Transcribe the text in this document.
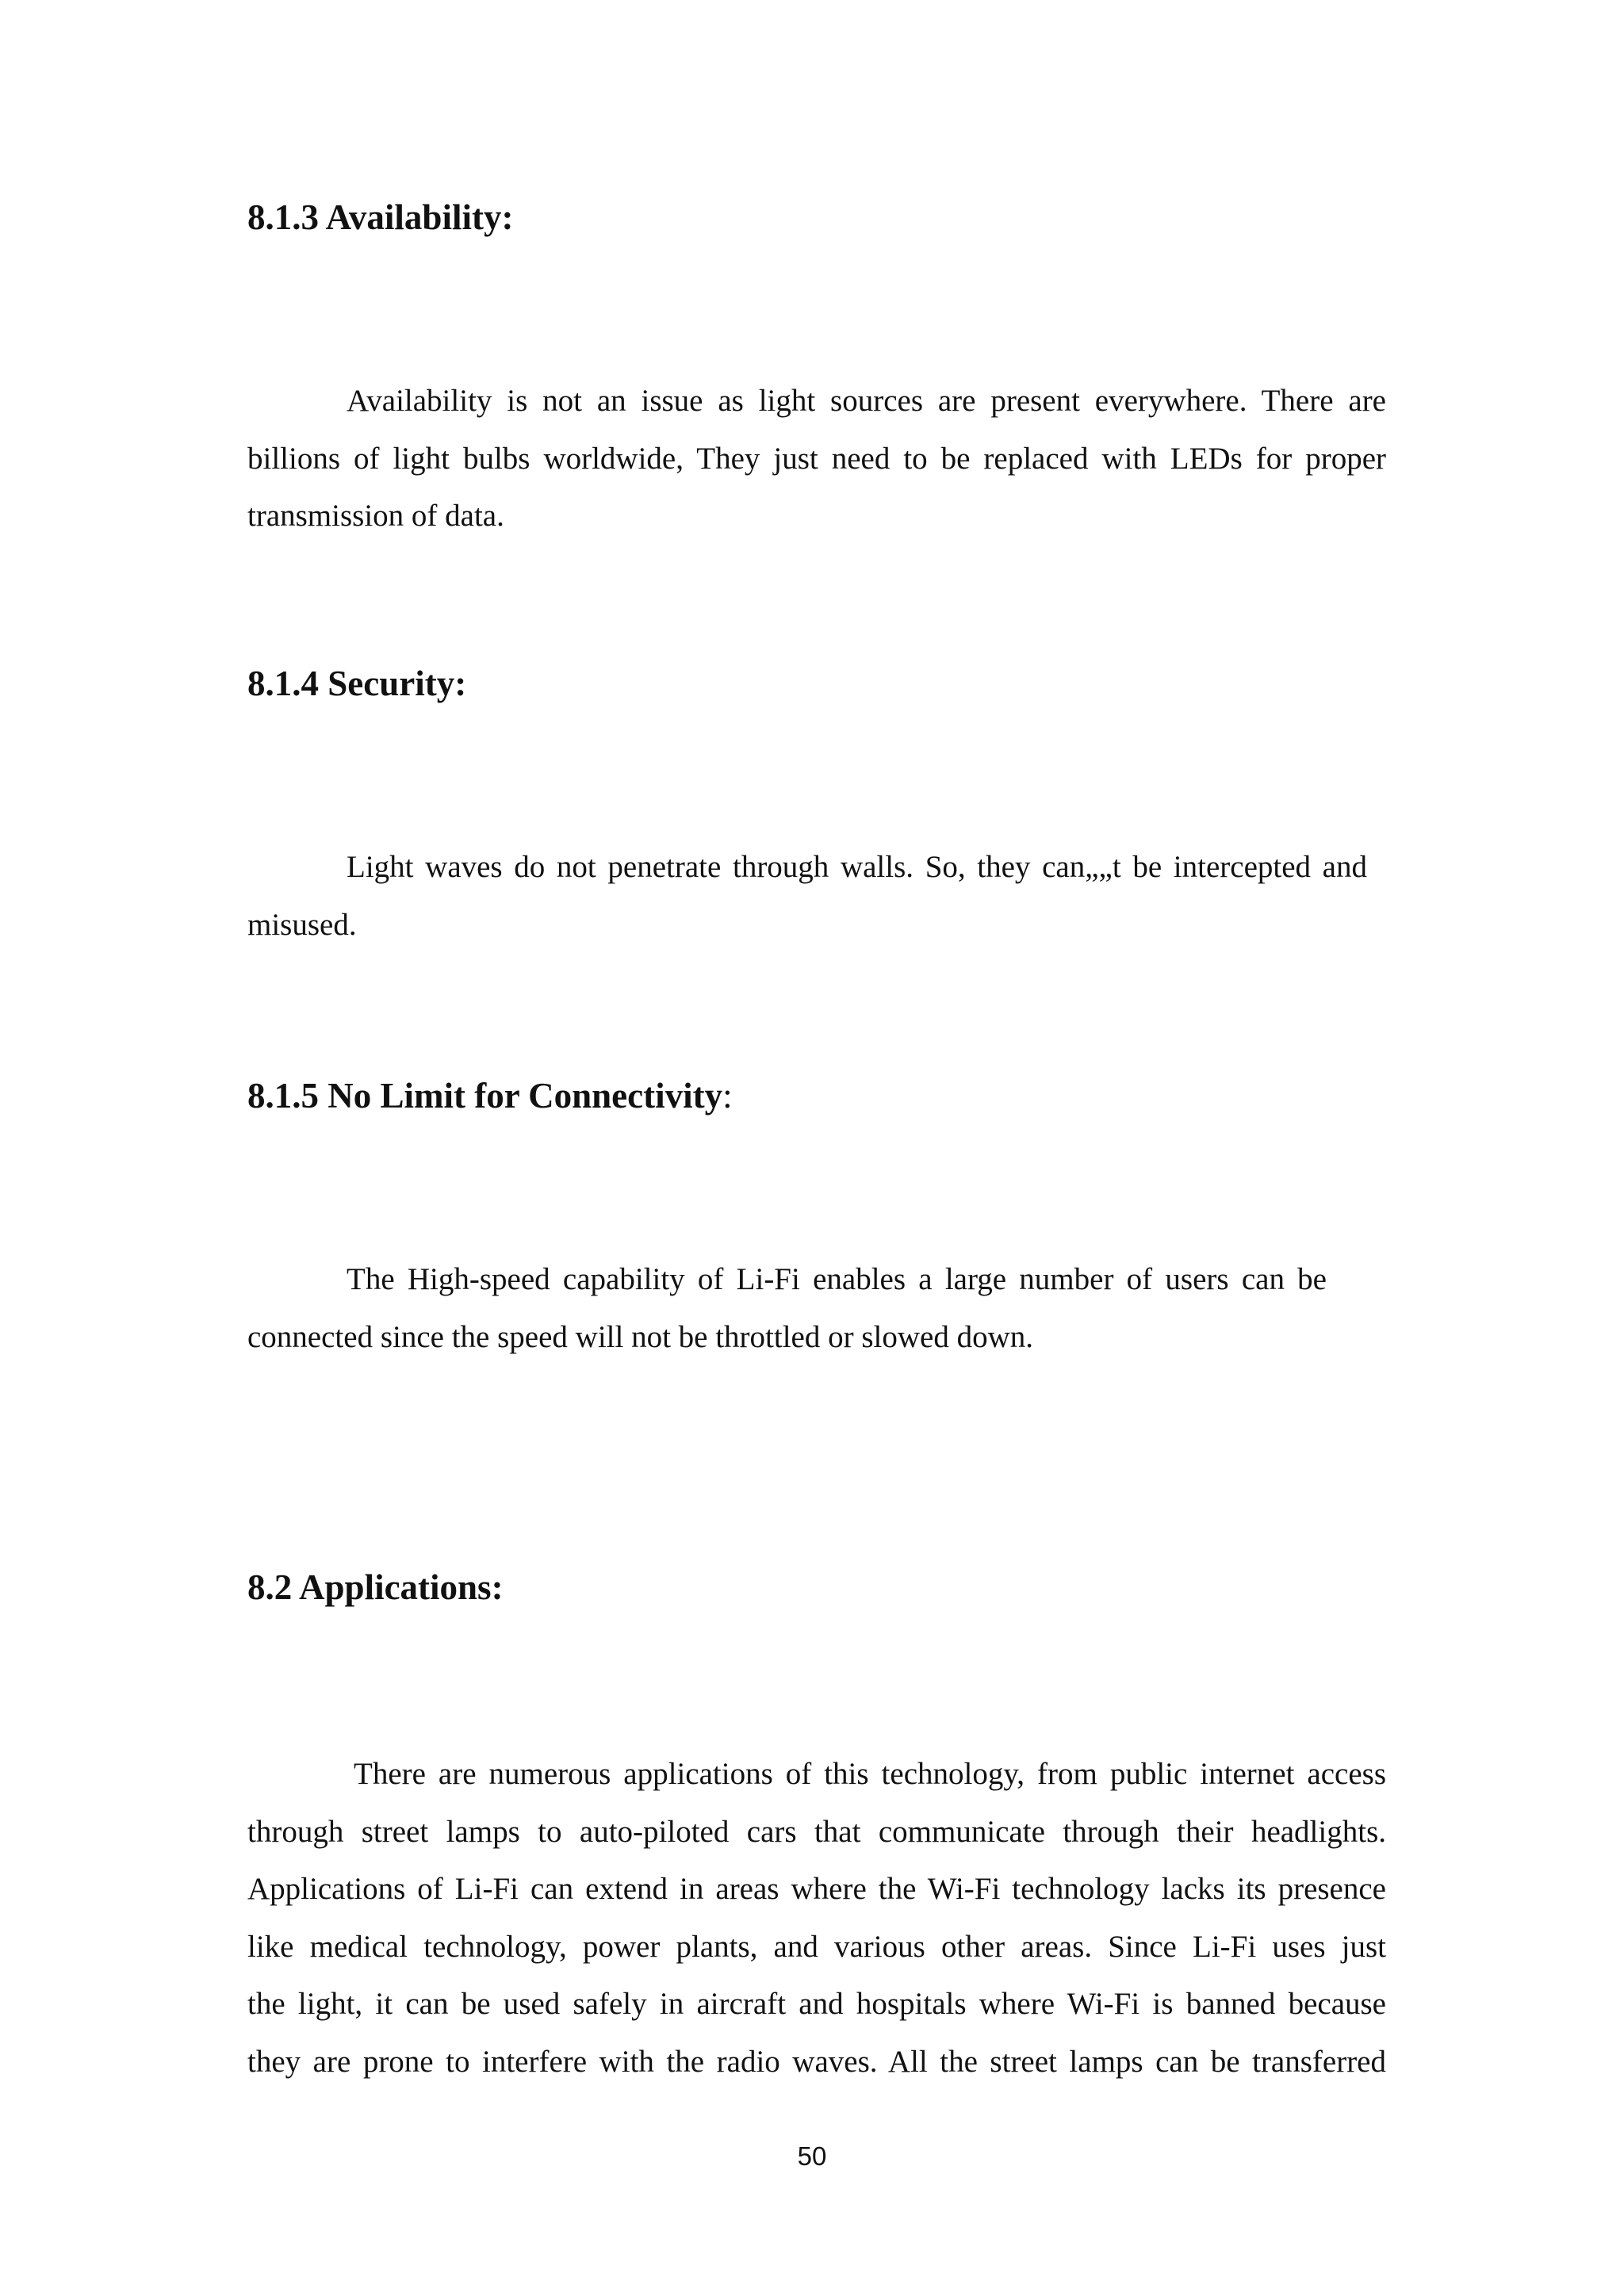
8.1.3 Availability:

Availability is not an issue as light sources are present everywhere. There are
billions of light bulbs worldwide, They just need to be replaced with LEDs for proper
transmission of data.

8.1.4 Security:

Light waves do not penetrate through walls. So, they can„„t be intercepted and
misused.

8.1.5 No Limit for Connectivity:

The High-speed capability of Li-Fi enables a large number of users can be
connected since the speed will not be throttled or slowed down.

8.2 Applications:

There are numerous applications of this technology, from public internet access
through street lamps to auto-piloted cars that communicate through their headlights.
Applications of Li-Fi can extend in areas where the Wi-Fi technology lacks its presence
like medical technology, power plants, and various other areas. Since Li-Fi uses just
the light, it can be used safely in aircraft and hospitals where Wi-Fi is banned because
they are prone to interfere with the radio waves. All the street lamps can be transferred

50
